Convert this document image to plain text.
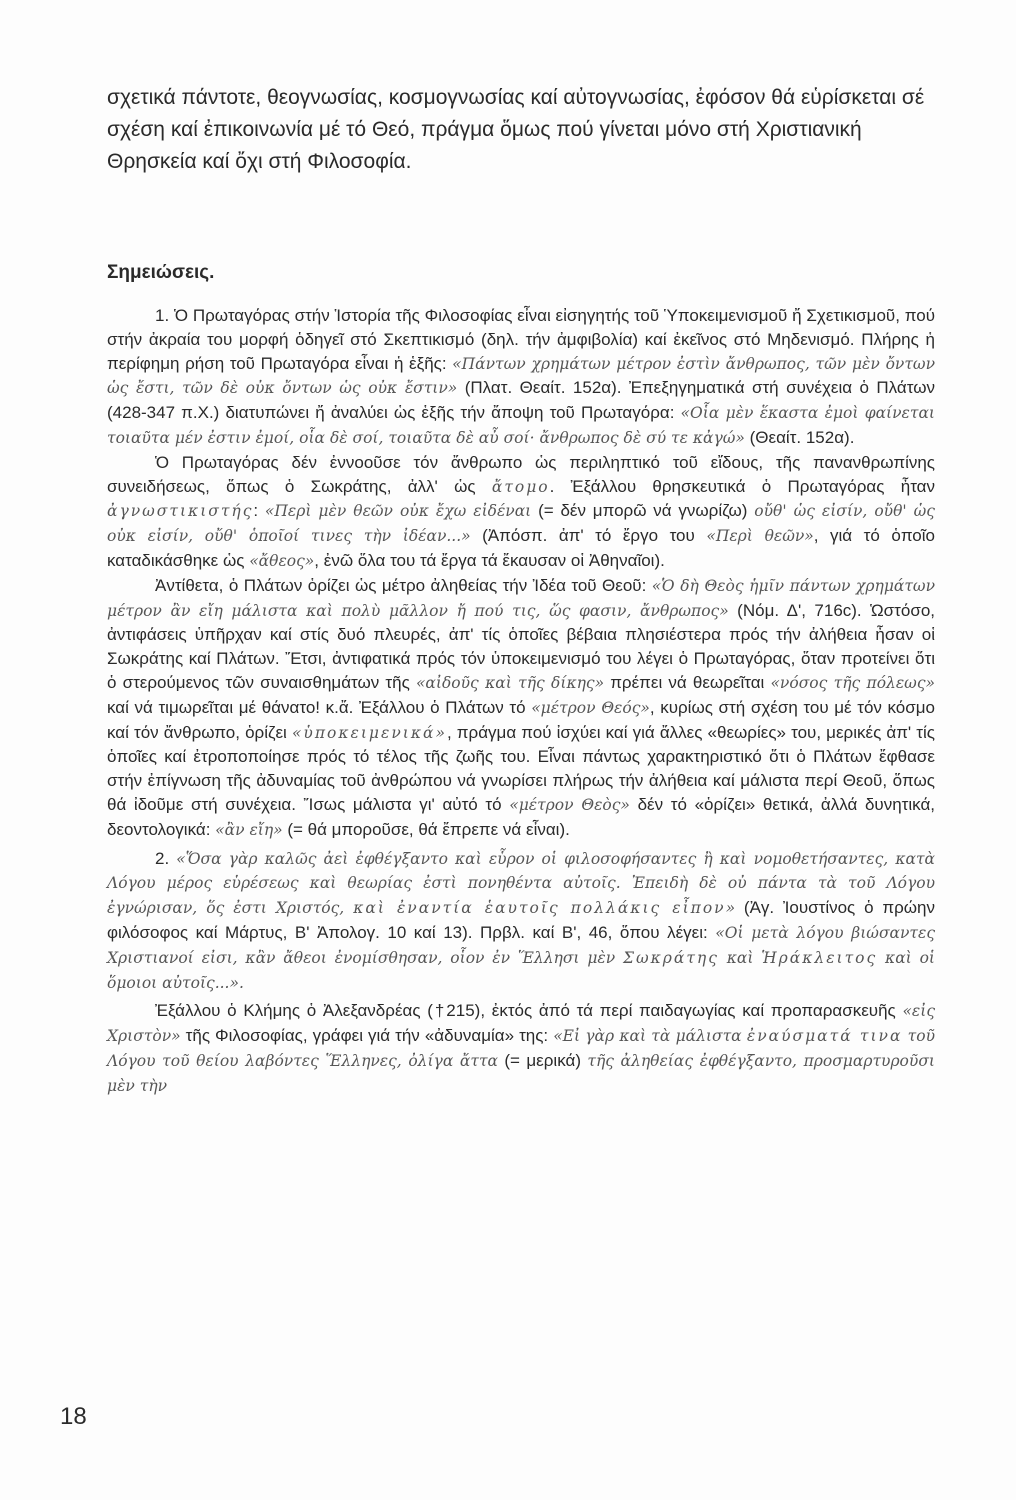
σχετικά πάντοτε, θεογνωσίας, κοσμογνωσίας καί αὐτογνωσίας, ἐφόσον θά εὑρίσκεται σέ σχέση καί ἐπικοινωνία μέ τό Θεό, πράγμα ὅμως πού γίνεται μόνο στή Χριστιανική Θρησκεία καί ὄχι στή Φιλοσοφία.

Σημειώσεις.

1. Ὁ Πρωταγόρας στήν Ἱστορία τῆς Φιλοσοφίας εἶναι εἰσηγητής τοῦ Ὑποκειμενισμοῦ ἤ Σχετικισμοῦ, πού στήν ἀκραία του μορφή ὁδηγεῖ στό Σκεπτικισμό (δηλ. τήν ἀμφιβολία) καί ἐκεῖνος στό Μηδενισμό. Πλήρης ἡ περίφημη ρήση τοῦ Πρωταγόρα εἶναι ἡ ἑξῆς: «Πάντων χρημάτων μέτρον ἐστὶν ἄνθρωπος, τῶν μὲν ὄντων ὡς ἔστι, τῶν δὲ οὐκ ὄντων ὡς οὐκ ἔστιν» (Πλατ. Θεαίτ. 152α). Ἐπεξηγηματικά στή συνέχεια ὁ Πλάτων (428-347 π.Χ.) διατυπώνει ἤ ἀναλύει ὡς ἑξῆς τήν ἄποψη τοῦ Πρωταγόρα: «Οἷα μὲν ἕκαστα ἐμοὶ φαίνεται τοιαῦτα μέν ἐστιν ἐμοί, οἷα δὲ σοί, τοιαῦτα δὲ αὖ σοί· ἄνθρωπος δὲ σύ τε κἀγώ» (Θεαίτ. 152α).

Ὁ Πρωταγόρας δέν ἐννοοῦσε τόν ἄνθρωπο ὡς περιληπτικό τοῦ εἴδους, τῆς πανανθρωπίνης συνειδήσεως, ὅπως ὁ Σωκράτης, ἀλλ' ὡς ἄτομο. Ἐξάλλου θρησκευτικά ὁ Πρωταγόρας ἦταν ἀγνωστικιστής: «Περὶ μὲν θεῶν οὐκ ἔχω εἰδέναι (= δέν μπορῶ νά γνωρίζω) οὔθ' ὡς εἰσίν, οὔθ' ὡς οὐκ εἰσίν, οὔθ' ὁποῖοί τινες τὴν ἰδέαν...» (Ἀπόσπ. ἀπ' τό ἔργο του «Περὶ θεῶν», γιά τό ὁποῖο καταδικάσθηκε ὡς «ἄθεος», ἐνῶ ὅλα του τά ἔργα τά ἔκαυσαν οἱ Ἀθηναῖοι).

Ἀντίθετα, ὁ Πλάτων ὁρίζει ὡς μέτρο ἀληθείας τήν Ἰδέα τοῦ Θεοῦ: «Ὁ δὴ Θεὸς ἡμῖν πάντων χρημάτων μέτρον ἂν εἴη μάλιστα καὶ πολὺ μᾶλλον ἤ πού τις, ὥς φασιν, ἄνθρωπος» (Νόμ. Δ', 716c). Ὡστόσο, ἀντιφάσεις ὑπῆρχαν καί στίς δυό πλευρές, ἀπ' τίς ὁποῖες βέβαια πλησιέστερα πρός τήν ἀλήθεια ἦσαν οἱ Σωκράτης καί Πλάτων. Ἔτσι, ἀντιφατικά πρός τόν ὑποκειμενισμό του λέγει ὁ Πρωταγόρας, ὅταν προτείνει ὅτι ὁ στερούμενος τῶν συναισθημάτων τῆς «αἰδοῦς καὶ τῆς δίκης» πρέπει νά θεωρεῖται «νόσος τῆς πόλεως» καί νά τιμωρεῖται μέ θάνατο! κ.ἄ. Ἐξάλλου ὁ Πλάτων τό «μέτρον Θεός», κυρίως στή σχέση του μέ τόν κόσμο καί τόν ἄνθρωπο, ὁρίζει «ὑποκειμενικά», πράγμα πού ἰσχύει καί γιά ἄλλες «θεωρίες» του, μερικές ἀπ' τίς ὁποῖες καί ἐτροποποίησε πρός τό τέλος τῆς ζωῆς του. Εἶναι πάντως χαρακτηριστικό ὅτι ὁ Πλάτων ἔφθασε στήν ἐπίγνωση τῆς ἀδυναμίας τοῦ ἀνθρώπου νά γνωρίσει πλήρως τήν ἀλήθεια καί μάλιστα περί Θεοῦ, ὅπως θά ἰδοῦμε στή συνέχεια. Ἴσως μάλιστα γι' αὐτό τό «μέτρον Θεὸς» δέν τό «ὁρίζει» θετικά, ἀλλά δυνητικά, δεοντολογικά: «ἂν εἴη» (= θά μποροῦσε, θά ἔπρεπε νά εἶναι).

2. «Ὅσα γὰρ καλῶς ἀεὶ ἐφθέγξαντο καὶ εὗρον οἱ φιλοσοφήσαντες ἢ καὶ νομοθετήσαντες, κατὰ Λόγου μέρος εὑρέσεως καὶ θεωρίας ἐστὶ πονηθέντα αὐτοῖς. Ἐπειδὴ δὲ οὐ πάντα τὰ τοῦ Λόγου ἐγνώρισαν, ὅς ἐστι Χριστός, καὶ ἐναντία ἑαυτοῖς πολλάκις εἶπον» (Ἀγ. Ἰουστίνος ὁ πρώην φιλόσοφος καί Μάρτυς, Β' Ἀπολογ. 10 καί 13). Πρβλ. καί Β', 46, ὅπου λέγει: «Οἱ μετὰ λόγου βιώσαντες Χριστιανοί εἰσι, κἂν ἄθεοι ἐνομίσθησαν, οἷον ἐν Ἕλλησι μὲν Σωκράτης καὶ Ἡράκλειτος καὶ οἱ ὅμοιοι αὐτοῖς...».

Ἐξάλλου ὁ Κλήμης ὁ Ἀλεξανδρέας (†215), ἐκτός ἀπό τά περί παιδαγωγίας καί προπαρασκευῆς «εἰς Χριστὸν» τῆς Φιλοσοφίας, γράφει γιά τήν «ἀδυναμία» της: «Εἰ γὰρ καὶ τὰ μάλιστα ἐναύσματά τινα τοῦ Λόγου τοῦ θείου λαβόντες Ἕλληνες, ὀλίγα ἄττα (= μερικά) τῆς ἀληθείας ἐφθέγξαντο, προσμαρτυροῦσι μὲν τὴν

18
